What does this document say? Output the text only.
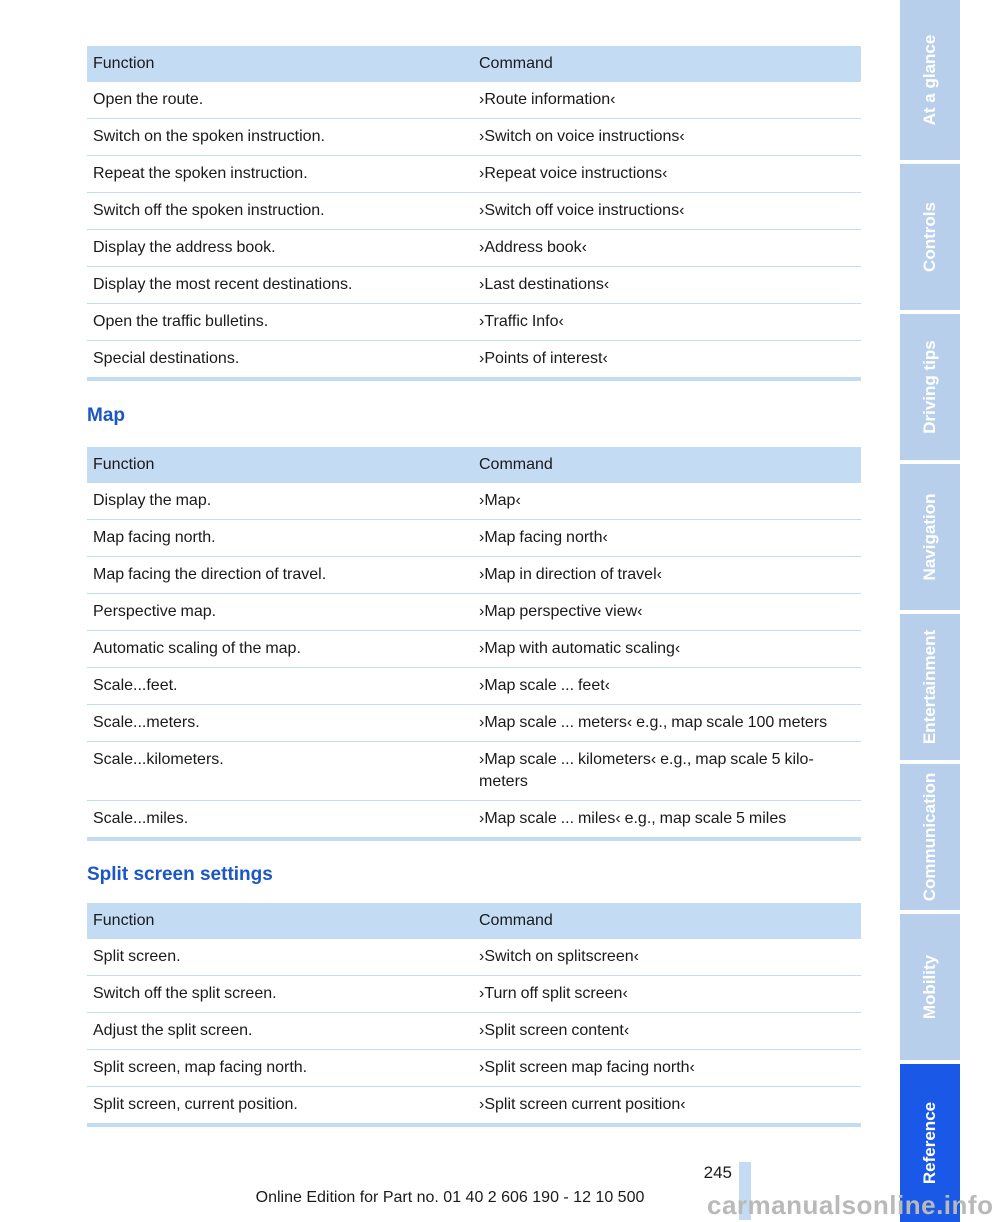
Function	Command
Open the route.	›Route information‹
Switch on the spoken instruction.	›Switch on voice instructions‹
Repeat the spoken instruction.	›Repeat voice instructions‹
Switch off the spoken instruction.	›Switch off voice instructions‹
Display the address book.	›Address book‹
Display the most recent destinations.	›Last destinations‹
Open the traffic bulletins.	›Traffic Info‹
Special destinations.	›Points of interest‹
Map
Function	Command
Display the map.	›Map‹
Map facing north.	›Map facing north‹
Map facing the direction of travel.	›Map in direction of travel‹
Perspective map.	›Map perspective view‹
Automatic scaling of the map.	›Map with automatic scaling‹
Scale...feet.	›Map scale ... feet‹
Scale...meters.	›Map scale ... meters‹ e.g., map scale 100 meters
Scale...kilometers.	›Map scale ... kilometers‹ e.g., map scale 5 kilo‐ meters
Scale...miles.	›Map scale ... miles‹ e.g., map scale 5 miles
Split screen settings
Function	Command
Split screen.	›Switch on splitscreen‹
Switch off the split screen.	›Turn off split screen‹
Adjust the split screen.	›Split screen content‹
Split screen, map facing north.	›Split screen map facing north‹
Split screen, current position.	›Split screen current position‹
At a glance
Controls
Driving tips
Navigation
Entertainment
Communication
Mobility
Reference
245
Online Edition for Part no. 01 40 2 606 190 - 12 10 500	carmanualsonline.info
